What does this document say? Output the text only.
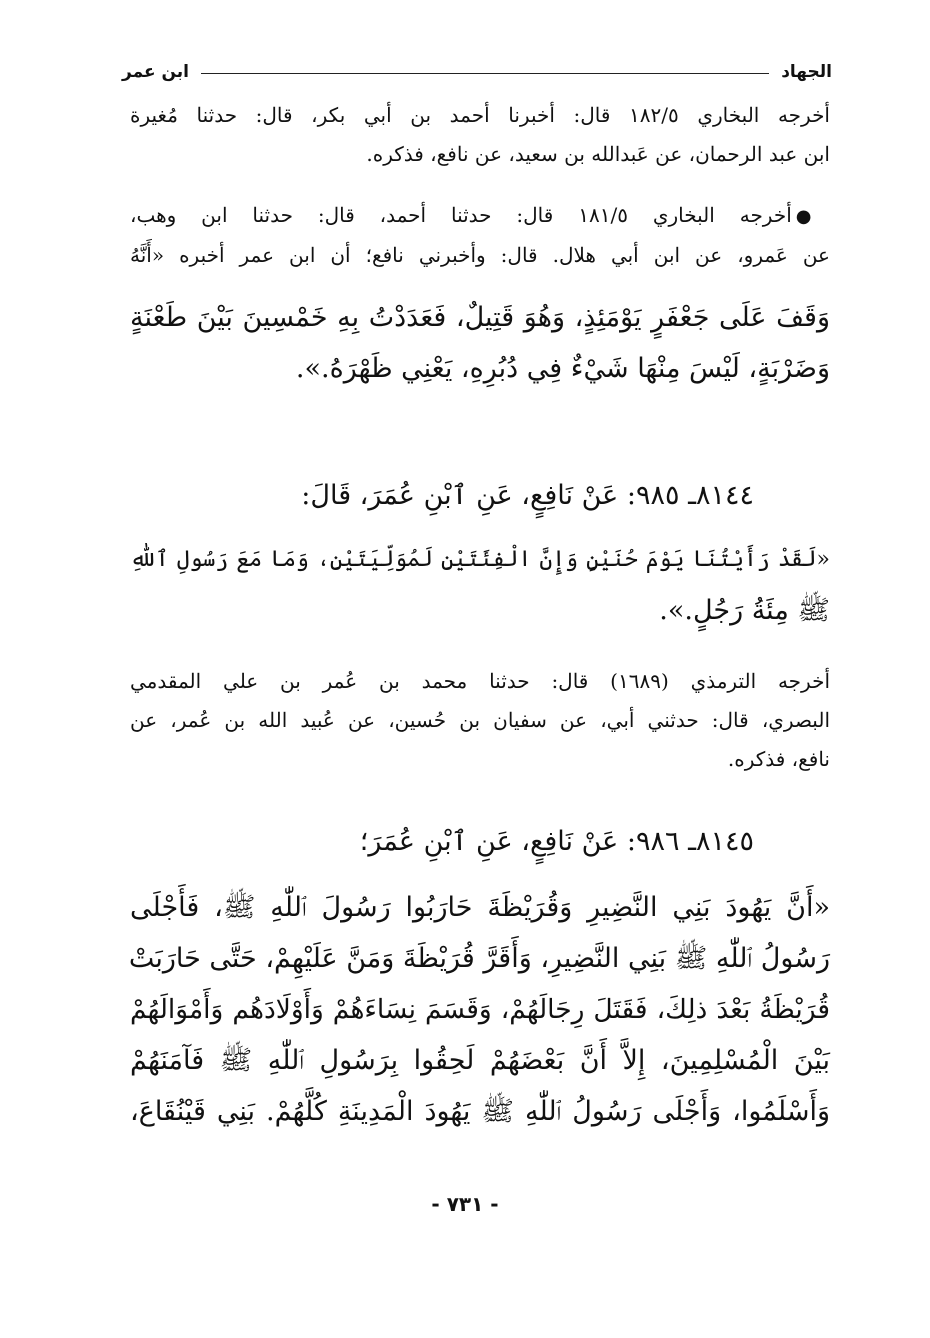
الجهاد
ابن عمر
أخرجه البخاري ١٨٢/٥ قال: أخبرنا أحمد بن أبي بكر، قال: حدثنا مُغيرة
ابن عبد الرحمان، عن عَبدالله بن سعيد، عن نافع، فذكره.
●أخرجه البخاري ١٨١/٥ قال: حدثنا أحمد، قال: حدثنا ابن وهب،
عن عَمرو، عن ابن أبي هلال. قال: وأخبرني نافع؛ أن ابن عمر أخبره «أَنَّهُ
وَقَفَ عَلَى جَعْفَرٍ يَوْمَئِذٍ، وَهُوَ قَتِيلٌ، فَعَدَدْتُ بِهِ خَمْسِينَ بَيْنَ طَعْنَةٍ
وَضَرْبَةٍ، لَيْسَ مِنْهَا شَيْءٌ فِي دُبُرِهِ، يَعْنِي ظَهْرَهُ.».
٨١٤٤ـ ٩٨٥: عَنْ نَافِعٍ، عَنِ ٱبْنِ عُمَرَ، قَالَ:
«لَقَدْ رَأَيْتُنَا يَوْمَ حُنَيْنٍ وَإِنَّ الْفِئَتَيْنِ لَمُوَلِّيَتَيْنِ، وَمَا مَعَ رَسُولِ ٱللّٰهِ
ﷺ مِئَةُ رَجُلٍ.».
أخرجه الترمذي (١٦٨٩) قال: حدثنا محمد بن عُمر بن علي المقدمي
البصري، قال: حدثني أبي، عن سفيان بن حُسين، عن عُبيد الله بن عُمر، عن
نافع، فذكره.
٨١٤٥ـ ٩٨٦: عَنْ نَافِعٍ، عَنِ ٱبْنِ عُمَرَ؛
«أَنَّ يَهُودَ بَنِي النَّضِيرِ وَقُرَيْظَةَ حَارَبُوا رَسُولَ ٱللّٰهِ ﷺ، فَأَجْلَى
رَسُولُ ٱللّٰهِ ﷺ بَنِي النَّضِيرِ، وَأَقَرَّ قُرَيْظَةَ وَمَنَّ عَلَيْهِمْ، حَتَّى حَارَبَتْ
قُرَيْظَةُ بَعْدَ ذلِكَ، فَقَتَلَ رِجَالَهُمْ، وَقَسَمَ نِسَاءَهُمْ وَأَوْلَادَهُم وَأَمْوَالَهُمْ
بَيْنَ الْمُسْلِمِينَ، إِلاَّ أَنَّ بَعْضَهُمْ لَحِقُوا بِرَسُولِ ٱللّٰهِ ﷺ فَآمَنَهُمْ
وَأَسْلَمُوا، وَأَجْلَى رَسُولُ ٱللّٰهِ ﷺ يَهُودَ الْمَدِينَةِ كُلَّهُمْ. بَنِي قَيْنُقَاعَ،
- ٧٣١ -
